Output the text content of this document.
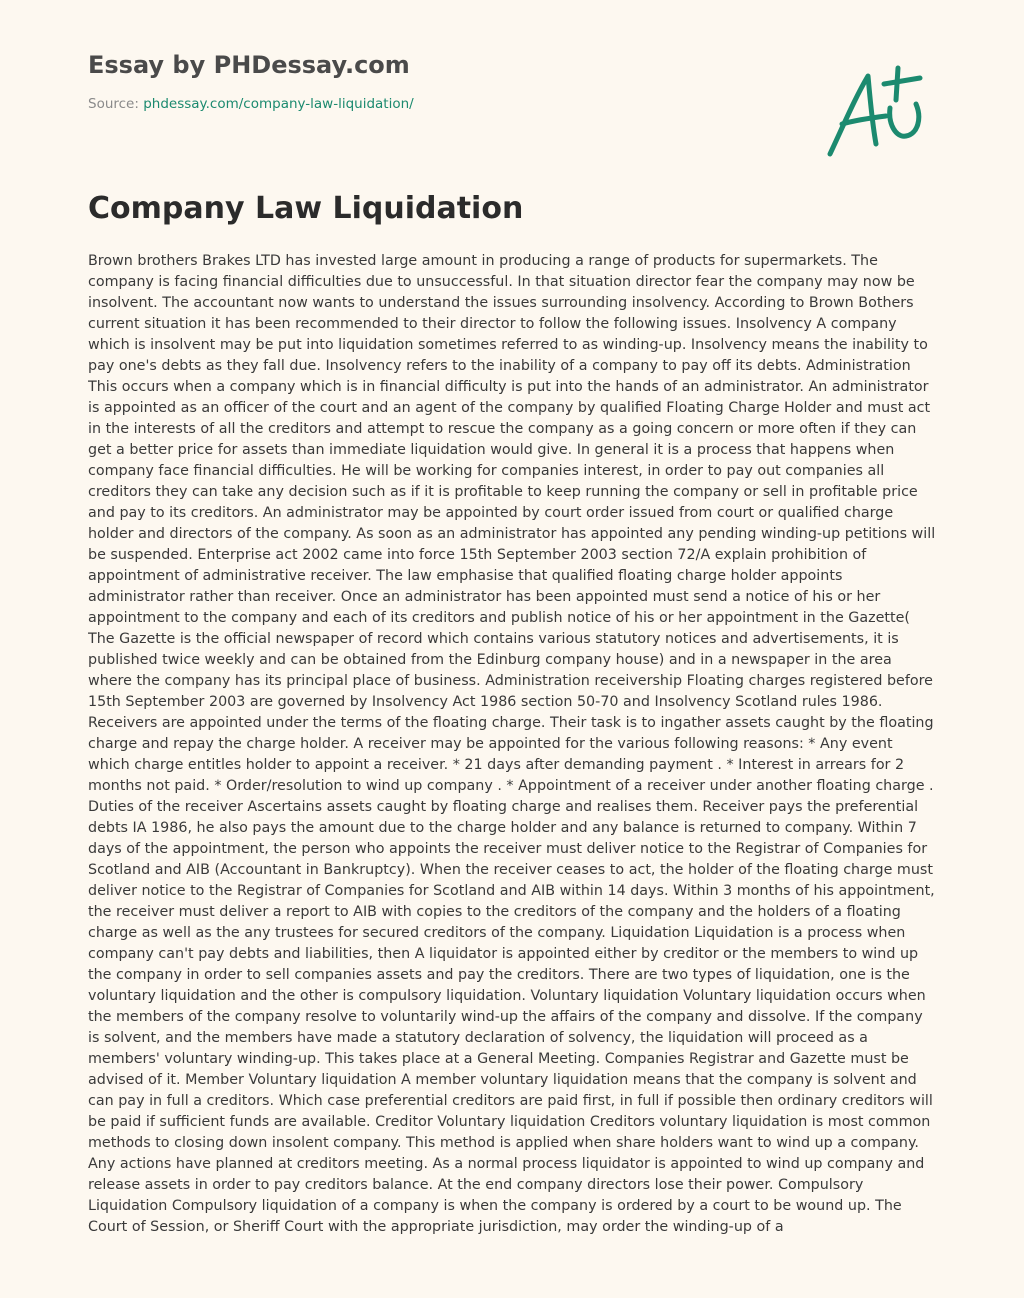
Essay by PHDessay.com
Source: phdessay.com/company-law-liquidation/
Company Law Liquidation

Brown brothers Brakes LTD has invested large amount in producing a range of products for supermarkets. The company is facing financial difficulties due to unsuccessful. In that situation director fear the company may now be insolvent. The accountant now wants to understand the issues surrounding insolvency. According to Brown Bothers current situation it has been recommended to their director to follow the following issues. Insolvency A company which is insolvent may be put into liquidation sometimes referred to as winding-up. Insolvency means the inability to pay one's debts as they fall due. Insolvency refers to the inability of a company to pay off its debts. Administration This occurs when a company which is in financial difficulty is put into the hands of an administrator. An administrator is appointed as an officer of the court and an agent of the company by qualified Floating Charge Holder and must act in the interests of all the creditors and attempt to rescue the company as a going concern or more often if they can get a better price for assets than immediate liquidation would give. In general it is a process that happens when company face financial difficulties. He will be working for companies interest, in order to pay out companies all creditors they can take any decision such as if it is profitable to keep running the company or sell in profitable price and pay to its creditors. An administrator may be appointed by court order issued from court or qualified charge holder and directors of the company. As soon as an administrator has appointed any pending winding-up petitions will be suspended. Enterprise act 2002 came into force 15th September 2003 section 72/A explain prohibition of appointment of administrative receiver. The law emphasise that qualified floating charge holder appoints administrator rather than receiver. Once an administrator has been appointed must send a notice of his or her appointment to the company and each of its creditors and publish notice of his or her appointment in the Gazette( The Gazette is the official newspaper of record which contains various statutory notices and advertisements, it is published twice weekly and can be obtained from the Edinburg company house) and in a newspaper in the area where the company has its principal place of business. Administration receivership Floating charges registered before 15th September 2003 are governed by Insolvency Act 1986 section 50-70 and Insolvency Scotland rules 1986. Receivers are appointed under the terms of the floating charge. Their task is to ingather assets caught by the floating charge and repay the charge holder. A receiver may be appointed for the various following reasons: * Any event which charge entitles holder to appoint a receiver. * 21 days after demanding payment . * Interest in arrears for 2 months not paid. * Order/resolution to wind up company . * Appointment of a receiver under another floating charge . Duties of the receiver Ascertains assets caught by floating charge and realises them. Receiver pays the preferential debts IA 1986, he also pays the amount due to the charge holder and any balance is returned to company. Within 7 days of the appointment, the person who appoints the receiver must deliver notice to the Registrar of Companies for Scotland and AIB (Accountant in Bankruptcy). When the receiver ceases to act, the holder of the floating charge must deliver notice to the Registrar of Companies for Scotland and AIB within 14 days. Within 3 months of his appointment, the receiver must deliver a report to AIB with copies to the creditors of the company and the holders of a floating charge as well as the any trustees for secured creditors of the company. Liquidation Liquidation is a process when company can't pay debts and liabilities, then A liquidator is appointed either by creditor or the members to wind up the company in order to sell companies assets and pay the creditors. There are two types of liquidation, one is the voluntary liquidation and the other is compulsory liquidation. Voluntary liquidation Voluntary liquidation occurs when the members of the company resolve to voluntarily wind-up the affairs of the company and dissolve. If the company is solvent, and the members have made a statutory declaration of solvency, the liquidation will proceed as a members' voluntary winding-up. This takes place at a General Meeting. Companies Registrar and Gazette must be advised of it. Member Voluntary liquidation A member voluntary liquidation means that the company is solvent and can pay in full a creditors. Which case preferential creditors are paid first, in full if possible then ordinary creditors will be paid if sufficient funds are available. Creditor Voluntary liquidation Creditors voluntary liquidation is most common methods to closing down insolent company. This method is applied when share holders want to wind up a company. Any actions have planned at creditors meeting. As a normal process liquidator is appointed to wind up company and release assets in order to pay creditors balance. At the end company directors lose their power. Compulsory Liquidation Compulsory liquidation of a company is when the company is ordered by a court to be wound up. The Court of Session, or Sheriff Court with the appropriate jurisdiction, may order the winding-up of a
